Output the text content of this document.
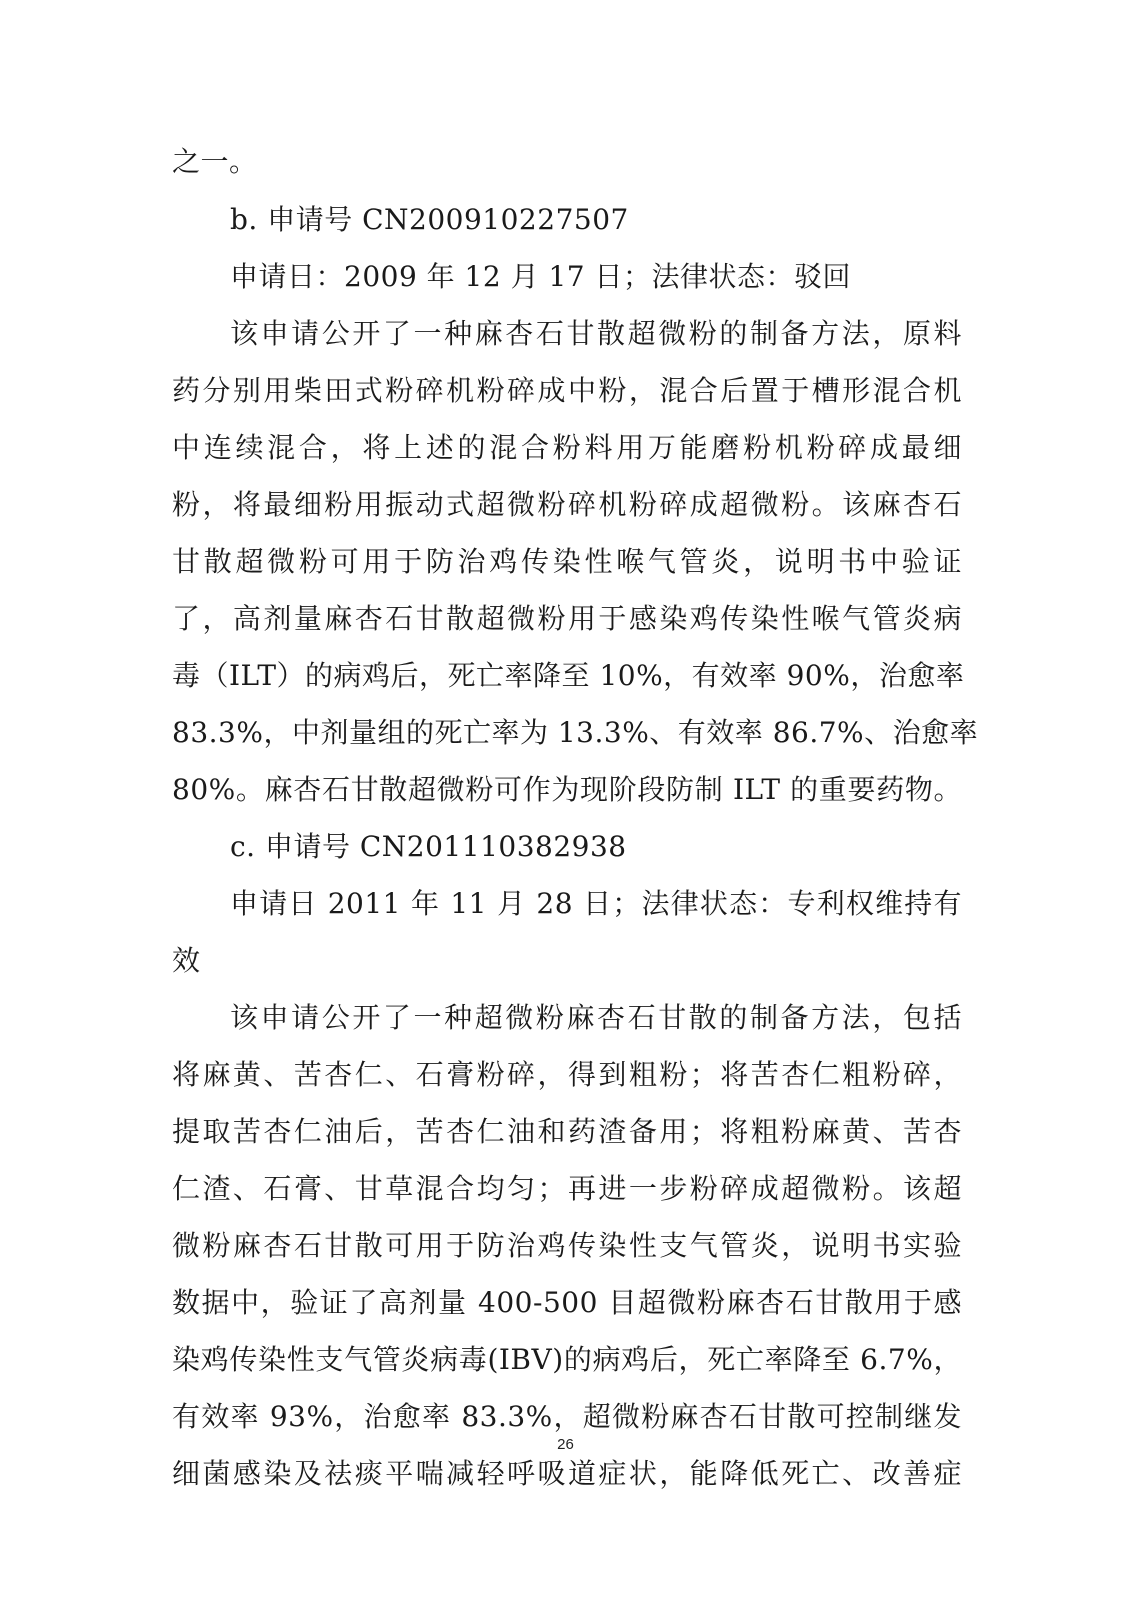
之一。
b. 申请号 CN200910227507
申请日：2009 年 12 月 17 日；法律状态：驳回
该申请公开了一种麻杏石甘散超微粉的制备方法，原料
药分别用柴田式粉碎机粉碎成中粉，混合后置于槽形混合机
中连续混合，将上述的混合粉料用万能磨粉机粉碎成最细
粉，将最细粉用振动式超微粉碎机粉碎成超微粉。该麻杏石
甘散超微粉可用于防治鸡传染性喉气管炎，说明书中验证
了，高剂量麻杏石甘散超微粉用于感染鸡传染性喉气管炎病
毒（ILT）的病鸡后，死亡率降至 10%，有效率 90%，治愈率
83.3%，中剂量组的死亡率为 13.3%、有效率 86.7%、治愈率
80%。麻杏石甘散超微粉可作为现阶段防制 ILT 的重要药物。
c. 申请号 CN201110382938
申请日 2011 年 11 月 28 日；法律状态：专利权维持有
效
该申请公开了一种超微粉麻杏石甘散的制备方法，包括
将麻黄、苦杏仁、石膏粉碎，得到粗粉；将苦杏仁粗粉碎，
提取苦杏仁油后，苦杏仁油和药渣备用；将粗粉麻黄、苦杏
仁渣、石膏、甘草混合均匀；再进一步粉碎成超微粉。该超
微粉麻杏石甘散可用于防治鸡传染性支气管炎，说明书实验
数据中，验证了高剂量 400-500 目超微粉麻杏石甘散用于感
染鸡传染性支气管炎病毒(IBV)的病鸡后，死亡率降至 6.7%，
有效率 93%，治愈率 83.3%，超微粉麻杏石甘散可控制继发
细菌感染及祛痰平喘减轻呼吸道症状，能降低死亡、改善症
26
